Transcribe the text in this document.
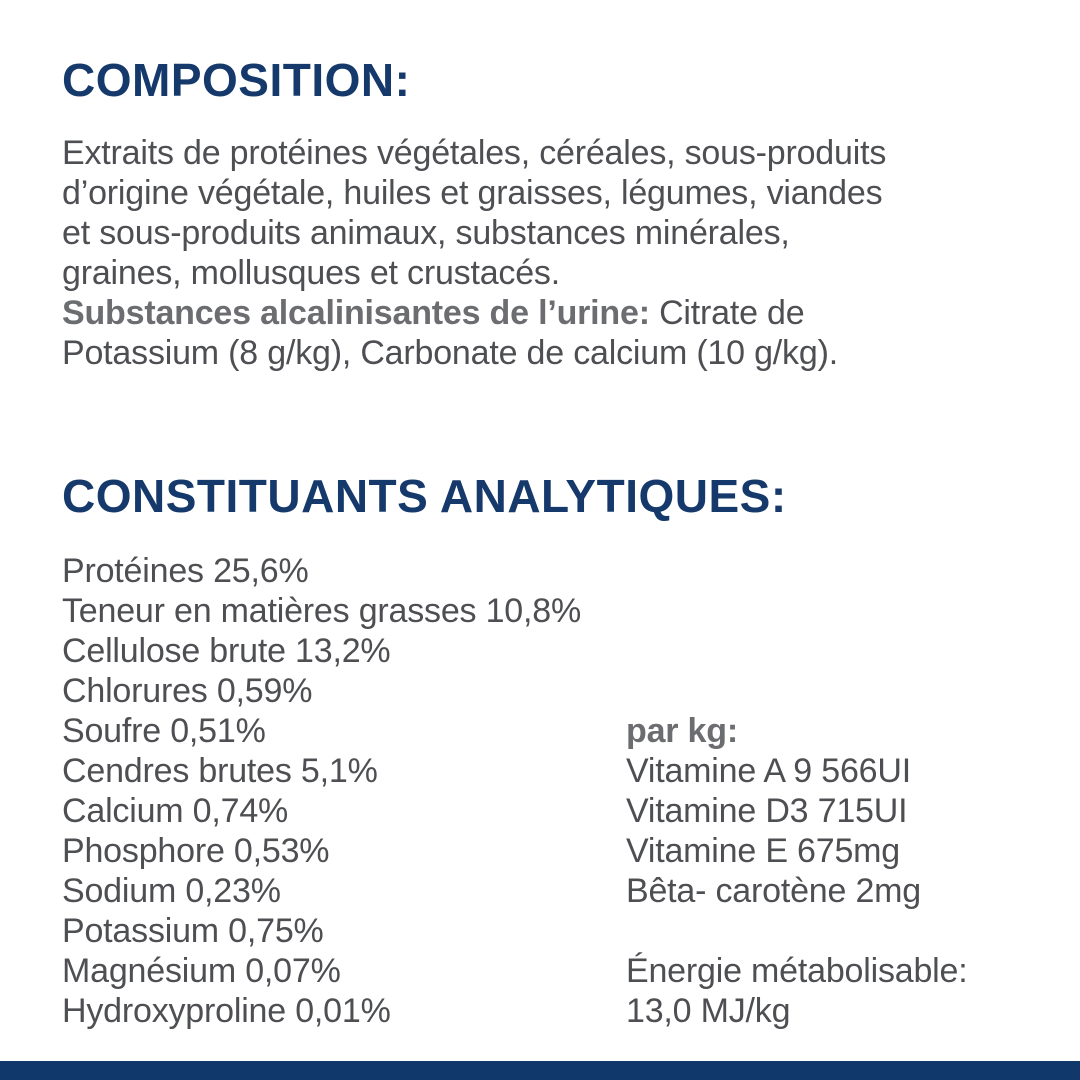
COMPOSITION:
Extraits de protéines végétales, céréales, sous-produits
d’origine végétale, huiles et graisses, légumes, viandes
et sous-produits animaux, substances minérales,
graines, mollusques et crustacés.
Substances alcalinisantes de l’urine: Citrate de
Potassium (8 g/kg), Carbonate de calcium (10 g/kg).
CONSTITUANTS ANALYTIQUES:
Protéines 25,6%
Teneur en matières grasses 10,8%
Cellulose brute 13,2%
Chlorures 0,59%
Soufre 0,51%
Cendres brutes 5,1%
Calcium 0,74%
Phosphore 0,53%
Sodium 0,23%
Potassium 0,75%
Magnésium 0,07%
Hydroxyproline 0,01%
par kg:
Vitamine A 9 566UI
Vitamine D3 715UI
Vitamine E 675mg
Bêta- carotène 2mg
Énergie métabolisable:
13,0 MJ/kg
